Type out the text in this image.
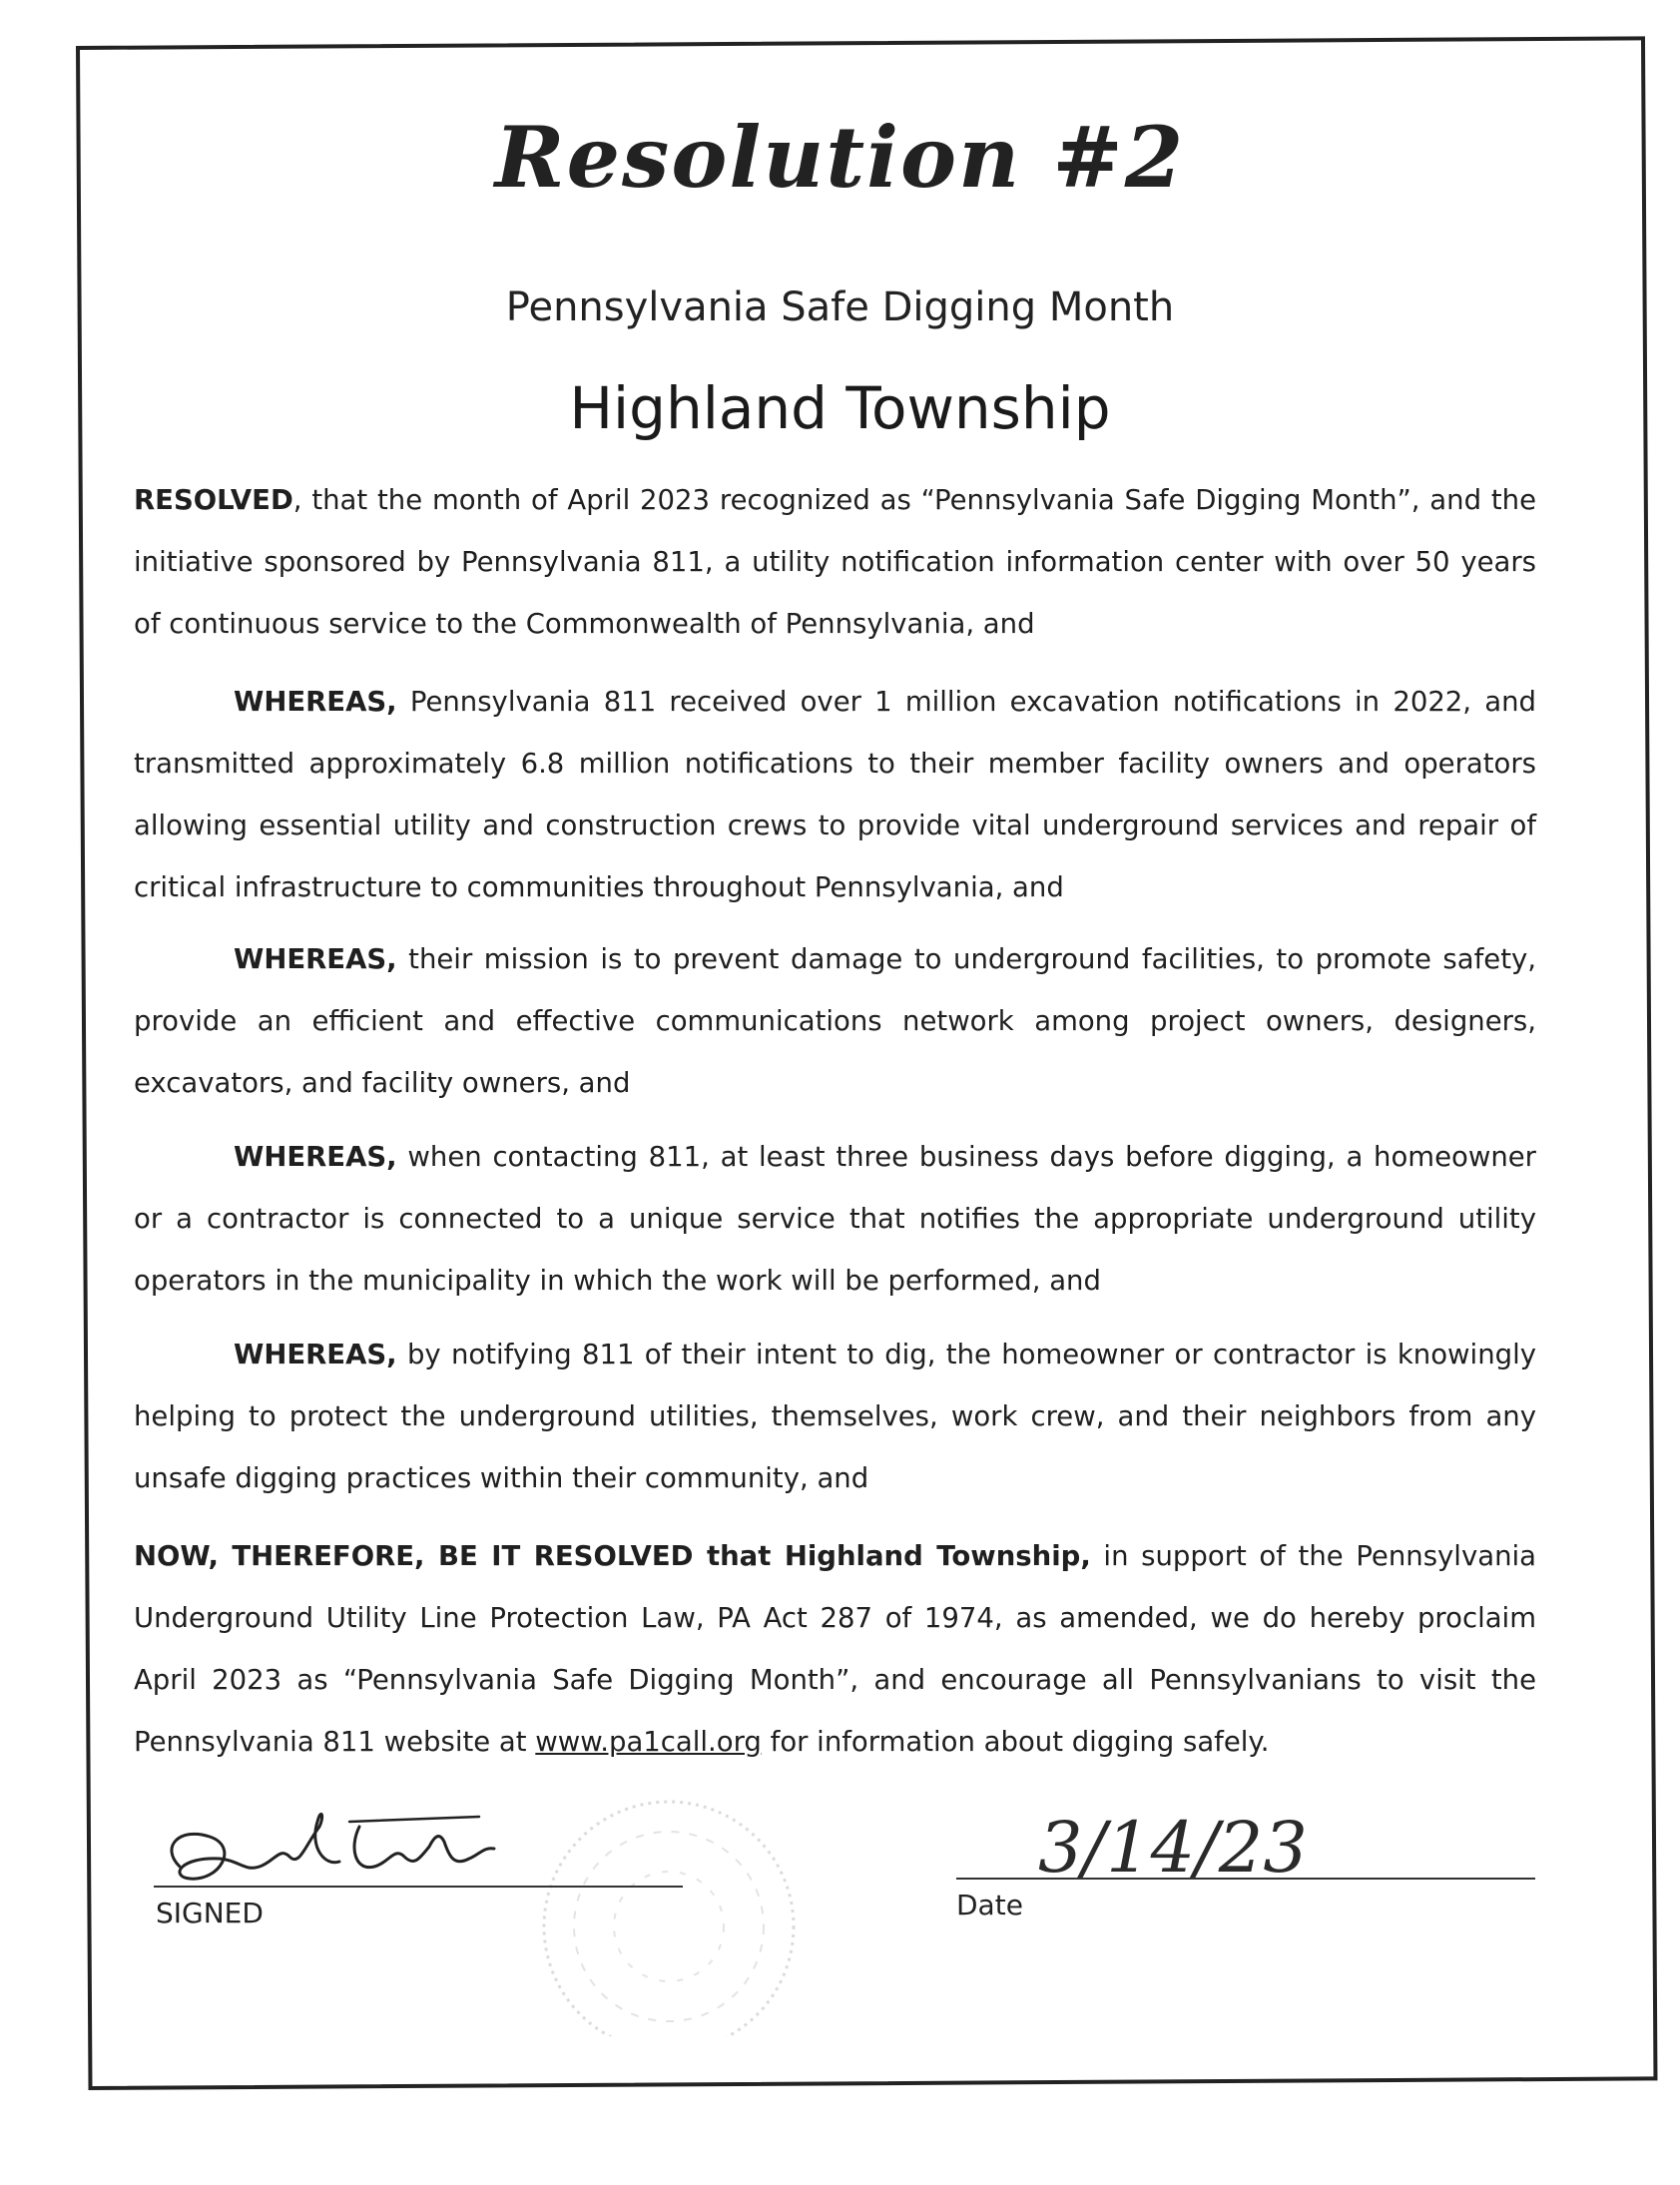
Resolution #2
Pennsylvania Safe Digging Month
Highland Township
RESOLVED, that the month of April 2023 recognized as “Pennsylvania Safe Digging Month”, and the initiative sponsored by Pennsylvania 811, a utility notification information center with over 50 years of continuous service to the Commonwealth of Pennsylvania, and
WHEREAS, Pennsylvania 811 received over 1 million excavation notifications in 2022, and transmitted approximately 6.8 million notifications to their member facility owners and operators allowing essential utility and construction crews to provide vital underground services and repair of critical infrastructure to communities throughout Pennsylvania, and
WHEREAS, their mission is to prevent damage to underground facilities, to promote safety, provide an efficient and effective communications network among project owners, designers, excavators, and facility owners, and
WHEREAS, when contacting 811, at least three business days before digging, a homeowner or a contractor is connected to a unique service that notifies the appropriate underground utility operators in the municipality in which the work will be performed, and
WHEREAS, by notifying 811 of their intent to dig, the homeowner or contractor is knowingly helping to protect the underground utilities, themselves, work crew, and their neighbors from any unsafe digging practices within their community, and
NOW, THEREFORE, BE IT RESOLVED that Highland Township, in support of the Pennsylvania Underground Utility Line Protection Law, PA Act 287 of 1974, as amended, we do hereby proclaim April 2023 as “Pennsylvania Safe Digging Month”, and encourage all Pennsylvanians to visit the Pennsylvania 811 website at www.pa1call.org for information about digging safely.
SIGNED
3/14/23
Date
